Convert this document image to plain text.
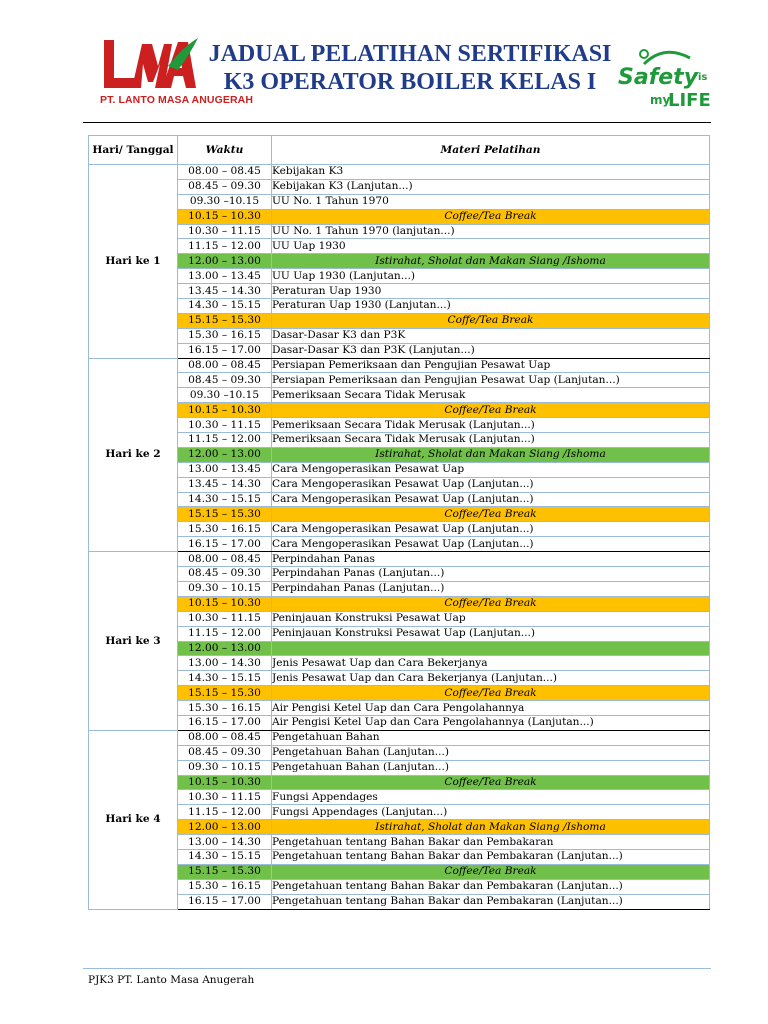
PT. LANTO MASA ANUGERAH
JADUAL PELATIHAN SERTIFIKASI
K3 OPERATOR BOILER KELAS I Safety is
my
LIFE
Hari/ Tanggal	Waktu	Materi Pelatihan
Hari ke 1	08.00 – 08.45	Kebijakan K3
	08.45 – 09.30	Kebijakan K3 (Lanjutan...)
	09.30 –10.15	UU No. 1 Tahun 1970
	10.15 – 10.30	Coffee/Tea Break
	10.30 – 11.15	UU No. 1 Tahun 1970 (lanjutan...)
	11.15 – 12.00	UU Uap 1930
	12.00 – 13.00	Istirahat, Sholat dan Makan Siang /Ishoma
	13.00 – 13.45	UU Uap 1930 (Lanjutan...)
	13.45 – 14.30	Peraturan Uap 1930
	14.30 – 15.15	Peraturan Uap 1930 (Lanjutan...)
	15.15 – 15.30	Coffe/Tea Break
	15.30 – 16.15	Dasar-Dasar K3 dan P3K
	16.15 – 17.00	Dasar-Dasar K3 dan P3K (Lanjutan...)
Hari ke 2	08.00 – 08.45	Persiapan Pemeriksaan dan Pengujian Pesawat Uap
	08.45 – 09.30	Persiapan Pemeriksaan dan Pengujian Pesawat Uap (Lanjutan...)
	09.30 –10.15	Pemeriksaan Secara Tidak Merusak
	10.15 – 10.30	Coffee/Tea Break
	10.30 – 11.15	Pemeriksaan Secara Tidak Merusak (Lanjutan...)
	11.15 – 12.00	Pemeriksaan Secara Tidak Merusak (Lanjutan...)
	12.00 – 13.00	Istirahat, Sholat dan Makan Siang /Ishoma
	13.00 – 13.45	Cara Mengoperasikan Pesawat Uap
	13.45 – 14.30	Cara Mengoperasikan Pesawat Uap (Lanjutan...)
	14.30 – 15.15	Cara Mengoperasikan Pesawat Uap (Lanjutan...)
	15.15 – 15.30	Coffee/Tea Break
	15.30 – 16.15	Cara Mengoperasikan Pesawat Uap (Lanjutan...)
	16.15 – 17.00	Cara Mengoperasikan Pesawat Uap (Lanjutan...)
Hari ke 3	08.00 – 08.45	Perpindahan Panas
	08.45 – 09.30	Perpindahan Panas (Lanjutan...)
	09.30 – 10.15	Perpindahan Panas (Lanjutan...)
	10.15 – 10.30	Coffee/Tea Break
	10.30 – 11.15	Peninjauan Konstruksi Pesawat Uap
	11.15 – 12.00	Peninjauan Konstruksi Pesawat Uap (Lanjutan...)
	12.00 – 13.00	
	13.00 – 14.30	Jenis Pesawat Uap dan Cara Bekerjanya
	14.30 – 15.15	Jenis Pesawat Uap dan Cara Bekerjanya (Lanjutan...)
	15.15 – 15.30	Coffee/Tea Break
	15.30 – 16.15	Air Pengisi Ketel Uap dan Cara Pengolahannya
	16.15 – 17.00	Air Pengisi Ketel Uap dan Cara Pengolahannya (Lanjutan...)
Hari ke 4	08.00 – 08.45	Pengetahuan Bahan
	08.45 – 09.30	Pengetahuan Bahan (Lanjutan...)
	09.30 – 10.15	Pengetahuan Bahan (Lanjutan...)
	10.15 – 10.30	Coffee/Tea Break
	10.30 – 11.15	Fungsi Appendages
	11.15 – 12.00	Fungsi Appendages (Lanjutan...)
	12.00 – 13.00	Istirahat, Sholat dan Makan Siang /Ishoma
	13.00 – 14.30	Pengetahuan tentang Bahan Bakar dan Pembakaran
	14.30 – 15.15	Pengetahuan tentang Bahan Bakar dan Pembakaran (Lanjutan...)
	15.15 – 15.30	Coffee/Tea Break
	15.30 – 16.15	Pengetahuan tentang Bahan Bakar dan Pembakaran (Lanjutan...)
	16.15 – 17.00	Pengetahuan tentang Bahan Bakar dan Pembakaran (Lanjutan...)
PJK3 PT. Lanto Masa Anugerah
